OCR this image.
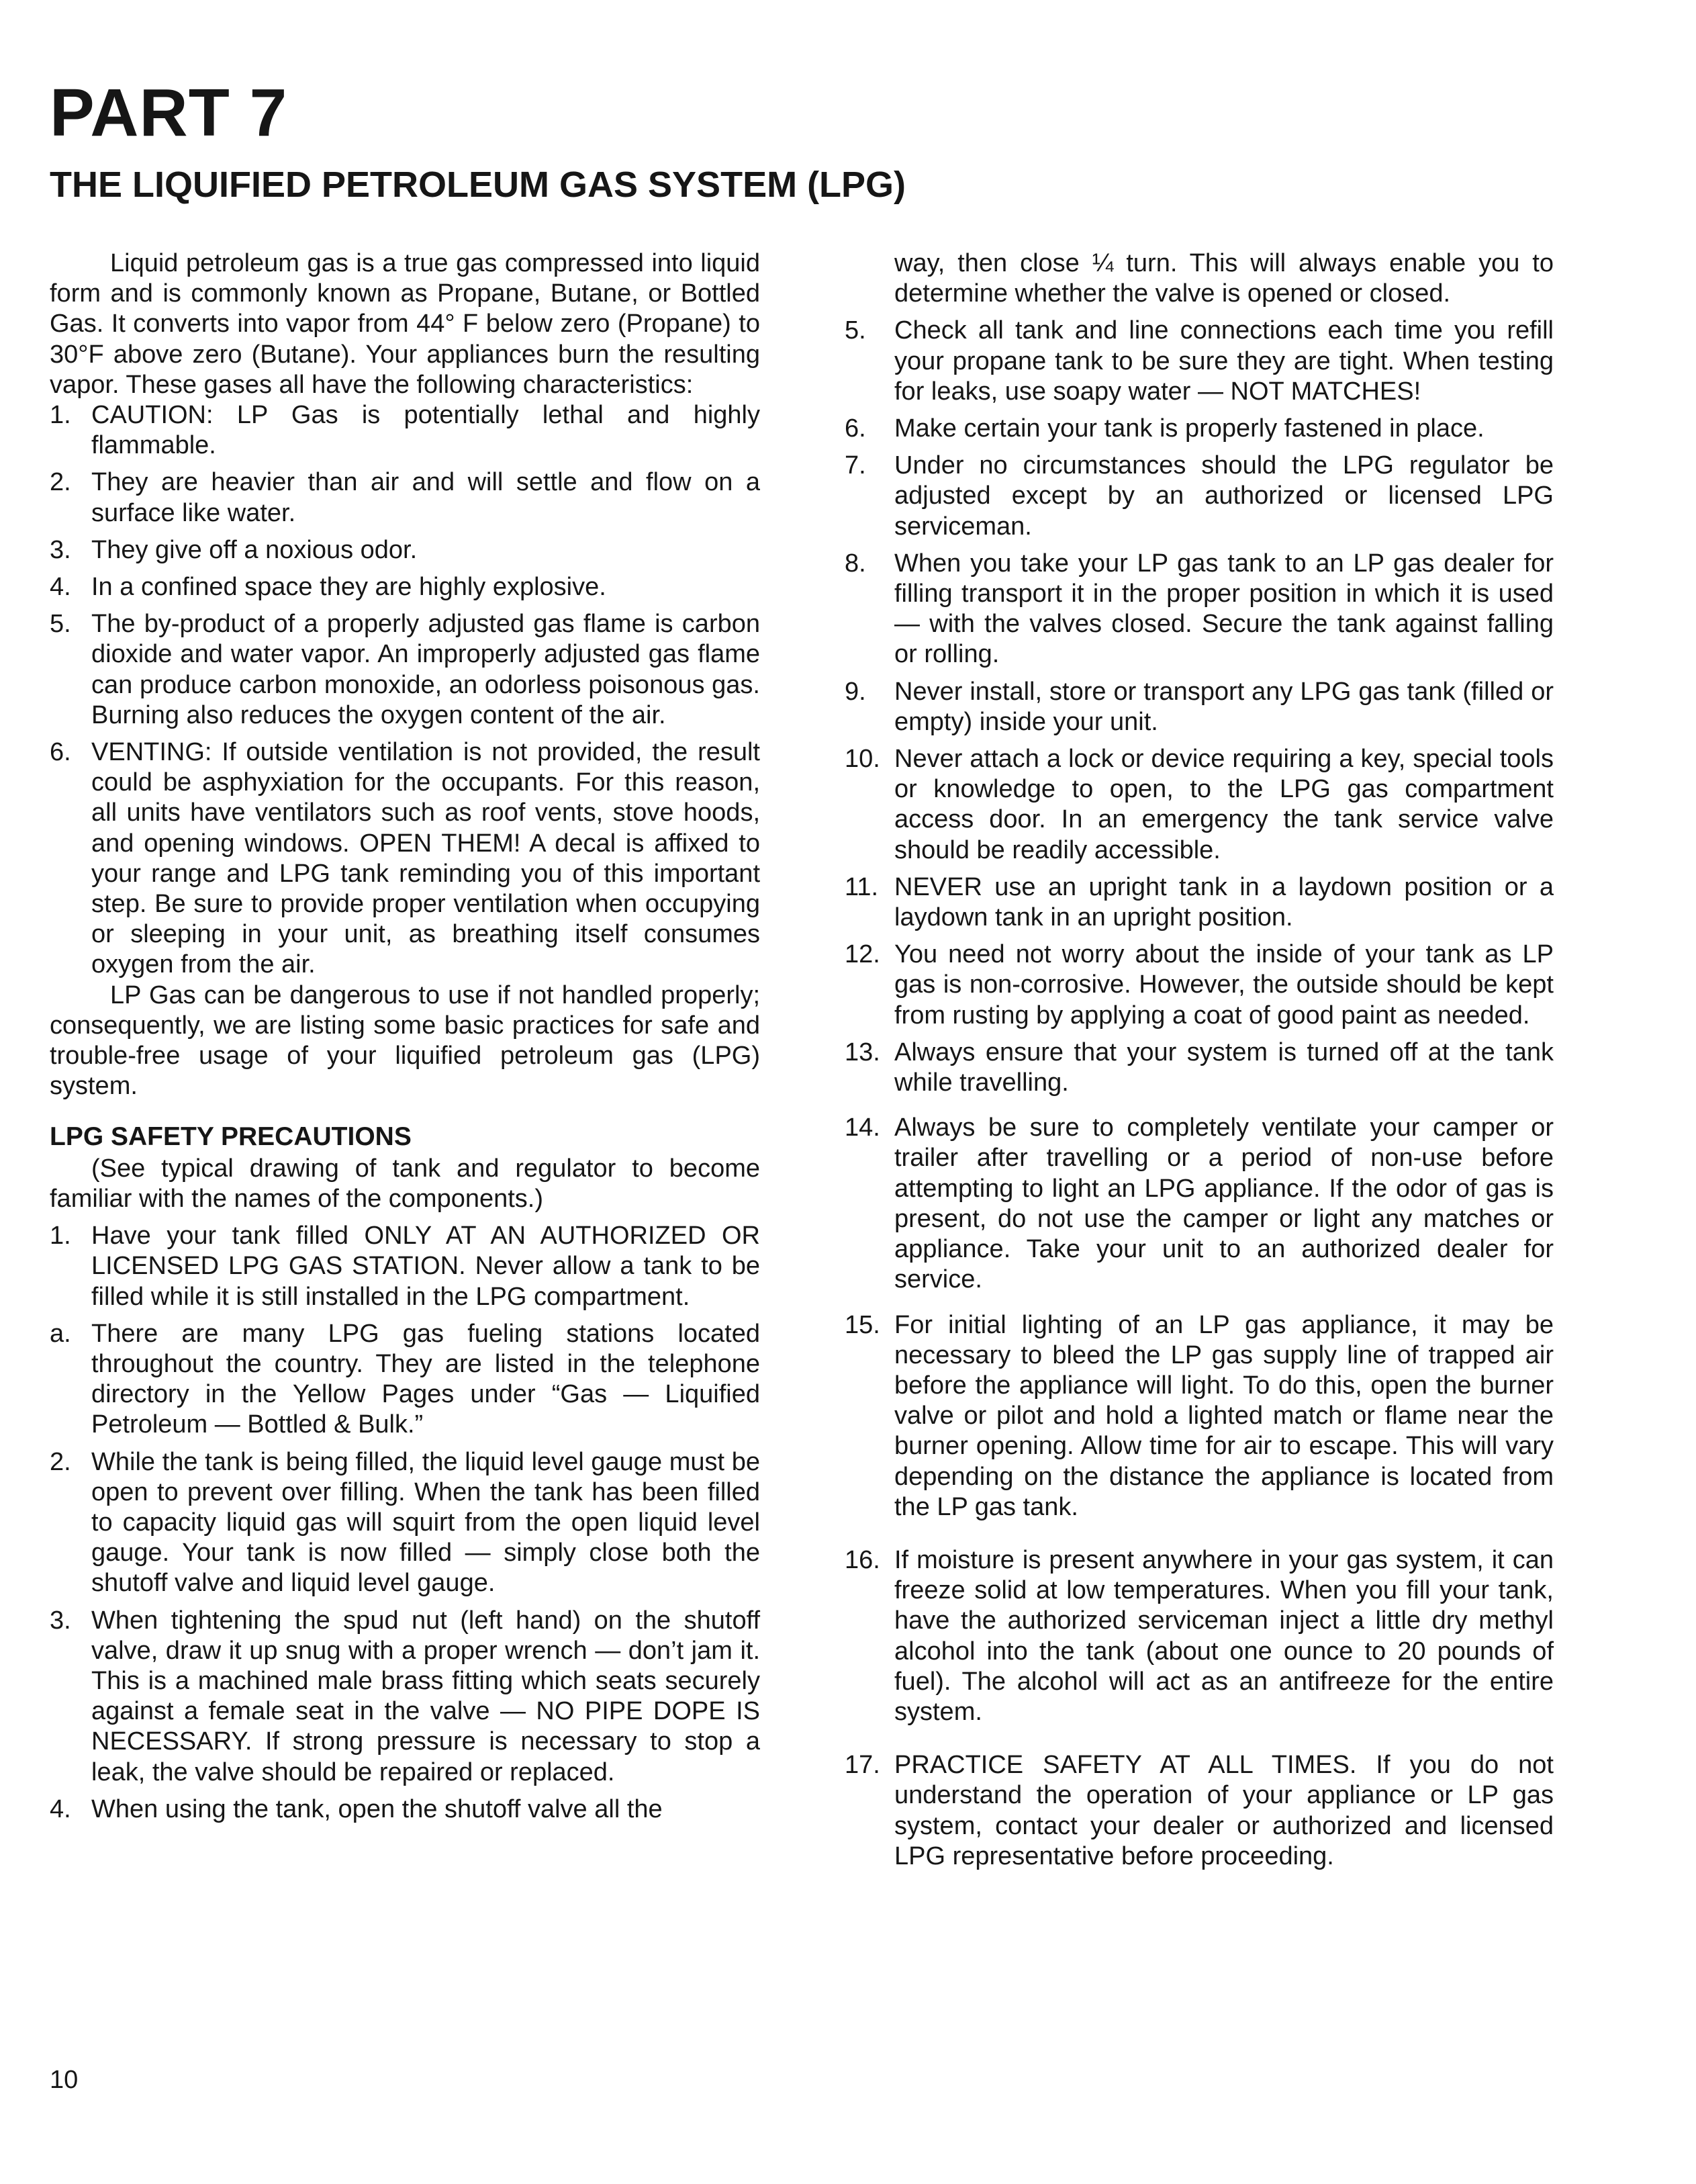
PART 7
THE LIQUIFIED PETROLEUM GAS SYSTEM (LPG)

Liquid petroleum gas is a true gas compressed into liquid form and is commonly known as Propane, Butane, or Bottled Gas. It converts into vapor from 44° F below zero (Propane) to 30°F above zero (Butane). Your appliances burn the resulting vapor. These gases all have the following characteristics:

1. CAUTION: LP Gas is potentially lethal and highly flammable.
2. They are heavier than air and will settle and flow on a surface like water.
3. They give off a noxious odor.
4. In a confined space they are highly explosive.
5. The by-product of a properly adjusted gas flame is carbon dioxide and water vapor. An improperly adjusted gas flame can produce carbon monoxide, an odorless poisonous gas. Burning also reduces the oxygen content of the air.
6. VENTING: If outside ventilation is not provided, the result could be asphyxiation for the occupants. For this reason, all units have ventilators such as roof vents, stove hoods, and opening windows. OPEN THEM! A decal is affixed to your range and LPG tank reminding you of this important step. Be sure to provide proper ventilation when occupying or sleeping in your unit, as breathing itself consumes oxygen from the air.

LP Gas can be dangerous to use if not handled properly; consequently, we are listing some basic practices for safe and trouble-free usage of your liquified petroleum gas (LPG) system.

LPG SAFETY PRECAUTIONS

(See typical drawing of tank and regulator to become familiar with the names of the components.)

1. Have your tank filled ONLY AT AN AUTHORIZED OR LICENSED LPG GAS STATION. Never allow a tank to be filled while it is still installed in the LPG compartment.
a. There are many LPG gas fueling stations located throughout the country. They are listed in the telephone directory in the Yellow Pages under “Gas — Liquified Petroleum — Bottled & Bulk.”
2. While the tank is being filled, the liquid level gauge must be open to prevent over filling. When the tank has been filled to capacity liquid gas will squirt from the open liquid level gauge. Your tank is now filled — simply close both the shutoff valve and liquid level gauge.
3. When tightening the spud nut (left hand) on the shutoff valve, draw it up snug with a proper wrench — don’t jam it. This is a machined male brass fitting which seats securely against a female seat in the valve — NO PIPE DOPE IS NECESSARY. If strong pressure is necessary to stop a leak, the valve should be repaired or replaced.
4. When using the tank, open the shutoff valve all the

way, then close ¼ turn. This will always enable you to determine whether the valve is opened or closed.

5. Check all tank and line connections each time you refill your propane tank to be sure they are tight. When testing for leaks, use soapy water — NOT MATCHES!
6. Make certain your tank is properly fastened in place.
7. Under no circumstances should the LPG regulator be adjusted except by an authorized or licensed LPG serviceman.
8. When you take your LP gas tank to an LP gas dealer for filling transport it in the proper position in which it is used — with the valves closed. Secure the tank against falling or rolling.
9. Never install, store or transport any LPG gas tank (filled or empty) inside your unit.
10. Never attach a lock or device requiring a key, special tools or knowledge to open, to the LPG gas compartment access door. In an emergency the tank service valve should be readily accessible.
11. NEVER use an upright tank in a laydown position or a laydown tank in an upright position.
12. You need not worry about the inside of your tank as LP gas is non-corrosive. However, the outside should be kept from rusting by applying a coat of good paint as needed.
13. Always ensure that your system is turned off at the tank while travelling.
14. Always be sure to completely ventilate your camper or trailer after travelling or a period of non-use before attempting to light an LPG appliance. If the odor of gas is present, do not use the camper or light any matches or appliance. Take your unit to an authorized dealer for service.
15. For initial lighting of an LP gas appliance, it may be necessary to bleed the LP gas supply line of trapped air before the appliance will light. To do this, open the burner valve or pilot and hold a lighted match or flame near the burner opening. Allow time for air to escape. This will vary depending on the distance the appliance is located from the LP gas tank.
16. If moisture is present anywhere in your gas system, it can freeze solid at low temperatures. When you fill your tank, have the authorized serviceman inject a little dry methyl alcohol into the tank (about one ounce to 20 pounds of fuel). The alcohol will act as an antifreeze for the entire system.
17. PRACTICE SAFETY AT ALL TIMES. If you do not understand the operation of your appliance or LP gas system, contact your dealer or authorized and licensed LPG representative before proceeding.
10
